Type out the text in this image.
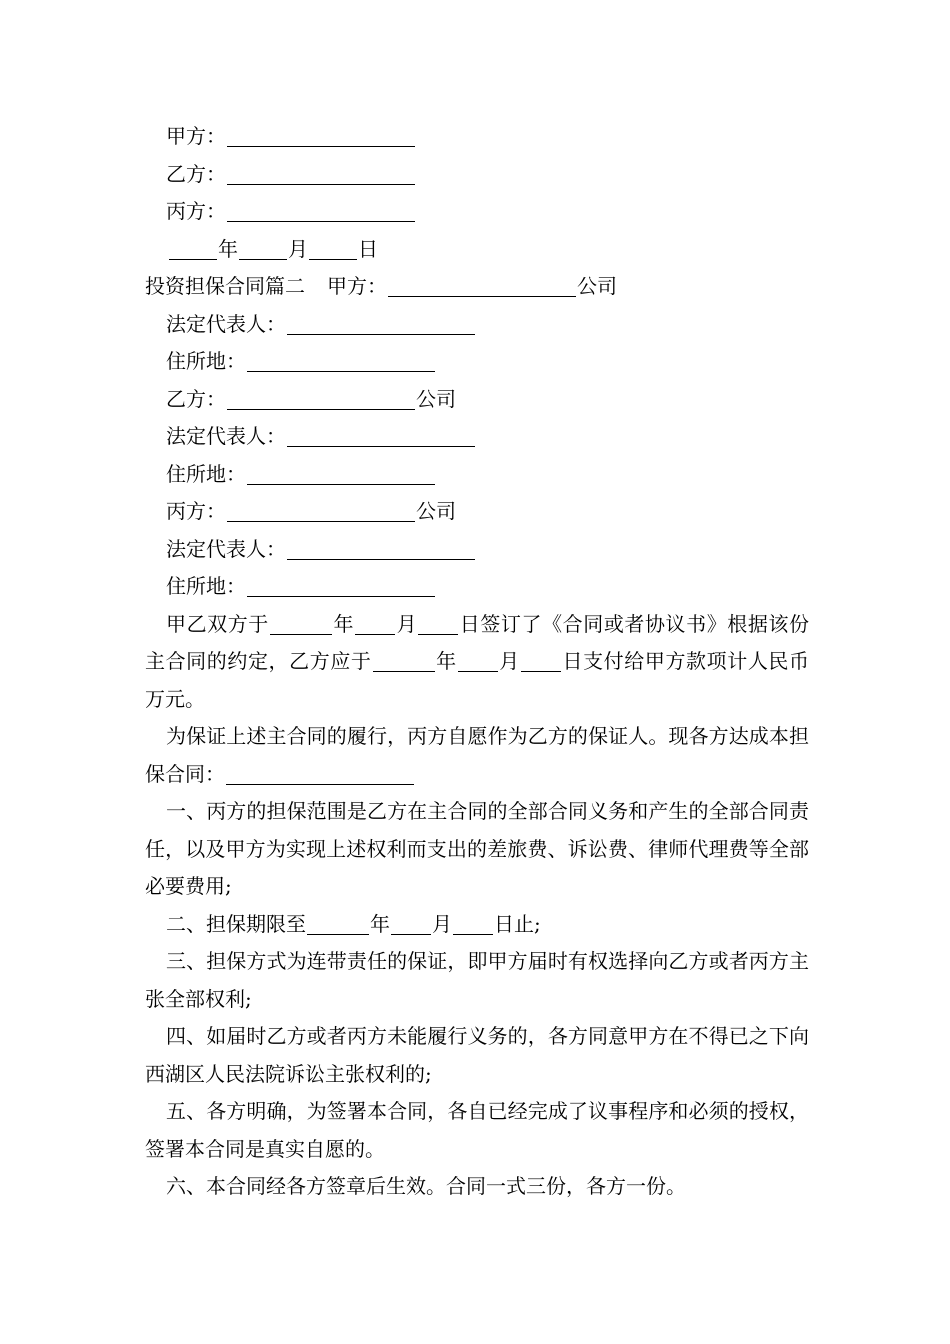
甲方：
乙方：
丙方：
年	月	日
投资担保合同篇二 甲方：	公司
法定代表人：
住所地：
乙方：	公司
法定代表人：
住所地：
丙方：	公司
法定代表人：
住所地：
甲乙双方于	年 月 日签订了《合同或者协议书》根据该份主合同的约定，乙方应于	年 月 日支付给甲方款项计人民币万元。
为保证上述主合同的履行，丙方自愿作为乙方的保证人。现各方达成本担保合同：
一、丙方的担保范围是乙方在主合同的全部合同义务和产生的全部合同责任，以及甲方为实现上述权利而支出的差旅费、诉讼费、律师代理费等全部必要费用;
二、担保期限至	年 月 日止;
三、担保方式为连带责任的保证，即甲方届时有权选择向乙方或者丙方主张全部权利;
四、如届时乙方或者丙方未能履行义务的，各方同意甲方在不得已之下向西湖区人民法院诉讼主张权利的;
五、各方明确，为签署本合同，各自已经完成了议事程序和必须的授权，签署本合同是真实自愿的。
六、本合同经各方签章后生效。合同一式三份，各方一份。
